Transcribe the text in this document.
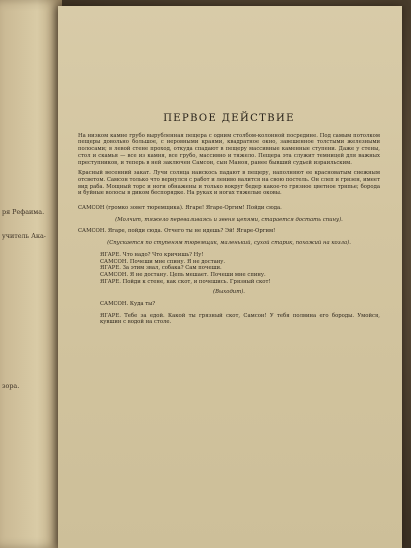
ря Рефаима.
учитель Ака-
зора.
ПЕРВОЕ ДЕЙСТВИЕ

На низком камне грубо вырубленная пещера с одним столбом-колонной посредине. Под самым потолком пещеры довольно большое, с неровными краями, квадратное окно, завешенное толстыми железными полосами; в левой стене проход, откуда спадают в пещеру массивные каменные ступени. Даже у стены, стол и скамья — все из камня, все грубо, массивно и тяжело. Пещера эта служит темницей для важных преступников, и теперь в ней заключен Самсон, сын Маноя, ранее бывший судьей израильским.

Красный весенний закат. Лучи солнца наискось падают в пещеру, наполняют ее красноватым снежным отсветом. Самсон только что вернулся с работ и лениво валится на свою постель. Он слеп и грязен, имеет вид раба. Мощный торс и ноги обнажены и только вокруг бедер какое-то грязное цветное тряпье; борода и буйные волосы в диком беспорядке. На руках и ногах тяжелые оковы.

САМСОН (громко зовет тюремщика). Ягаре! Ягаре-Оргим! Пойди сюда.

(Молчит, тяжело переваливаясь и звеня цепями, старается достать спину).

САМСОН. Ягаре, пойди сюда. Отчего ты не идешь? Эй! Ягаре-Оргим!

(Спускается по ступеням тюремщик, маленький, сухой старик, похожий на козла).

ЯГАРЕ. Что надо? Что кричишь? Ну!

САМСОН. Почеши мне спину. Я не достану.

ЯГАРЕ. За этим звал, собака? Сам почеши.

САМСОН. Я не достану. Цепь мешает. Почеши мне спину.

ЯГАРЕ. Пойди к стене, как скот, и почешись. Грязный скот!

(Выходит).

САМСОН. Куда ты?

ЯГАРЕ. Тебе за едой. Какой ты грязный скот, Самсон! У тебя полвина его бороды. Умойся, кувшин с водой на столе.
